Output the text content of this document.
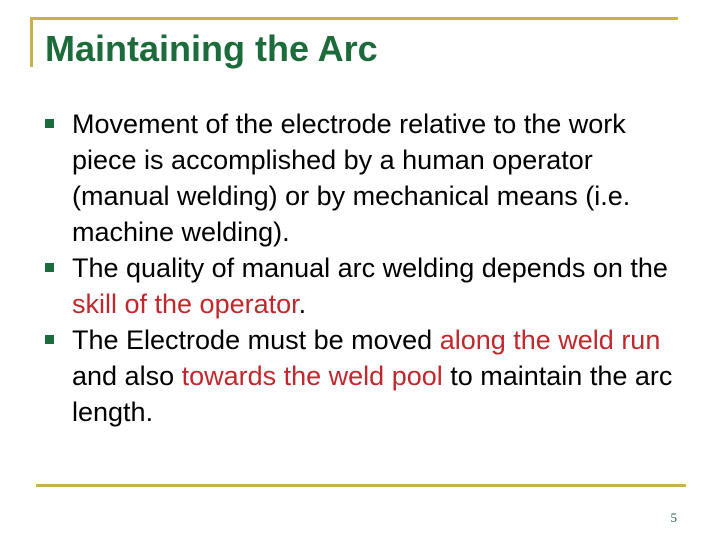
Maintaining the Arc
Movement of the electrode relative to the work piece is accomplished by a human operator (manual welding) or by mechanical means (i.e. machine welding).
The quality of manual arc welding depends on the skill of the operator.
The Electrode must be moved along the weld run and also towards the weld pool to maintain the arc length.
5
